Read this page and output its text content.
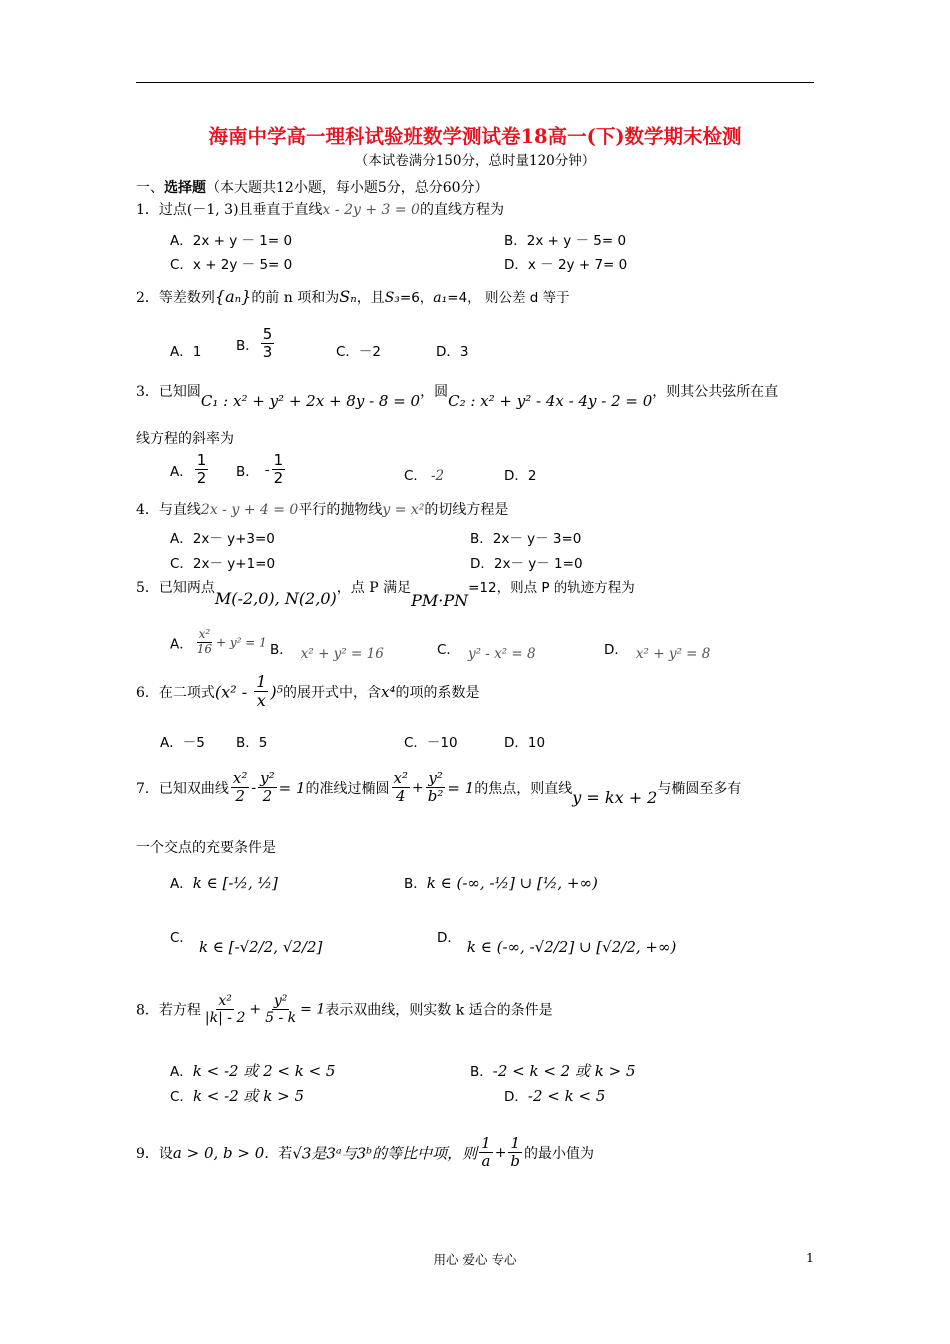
海南中学高一理科试验班数学测试卷18高一(下)数学期末检测
（本试卷满分150分，总时量120分钟）
一、选择题（本大题共12小题，每小题5分，总分60分）
1．过点(－1, 3)且垂直于直线x - 2y + 3 = 0的直线方程为
A．2x + y － 1= 0	B．2x + y － 5= 0
C．x + 2y － 5= 0	D．x － 2y + 7= 0
2．等差数列{aₙ}的前 n 项和为Sₙ，且S₃=6，a₁=4， 则公差 d 等于
A．1	B． $\frac{5}{3}$	C．－2	D．3
3．已知圆C₁ : x² + y² + 2x + 8y - 8 = 0，圆C₂ : x² + y² - 4x - 4y - 2 = 0，则其公共弦所在直
线方程的斜率为
A． $\frac{1}{2}$ B． - $\frac{1}{2}$	C． -2	D．2
4．与直线2x - y + 4 = 0平行的抛物线y = x²的切线方程是
A．2x－ y+3=0	B．2x－ y－ 3=0
C．2x－ y+1=0	D．2x－ y－ 1=0
5．已知两点M(-2,0), N(2,0)，点 P 满足PM·PN=12，则点 P 的轨迹方程为
A． $\frac{\text{x²}}{16} + y^2 = 1$ B． x² + y² = 16	C． y² - x² = 8	D． x² + y² = 8
6．在二项式$(x^2 - \frac{1}{x} )^5$的展开式中，含x⁴的项的系数是
A．－5 B．5	C．－10	D．10
7．已知双曲线 $\frac{\text{x²}}{2} - \frac{\text{y²}}{2} = 1$的准线过椭圆 $\frac{\text{x²}}{4} + \frac{\text{y²}}{\text{b²}} = 1$的焦点，则直线y = kx + 2与椭圆至多有
一个交点的充要条件是
A．k ∈ [-½, ½]	B．k ∈ (-∞, -½] ∪ [½, +∞)
C． k ∈ [-√2/2, √2/2]	D． k ∈ (-∞, -√2/2] ∪ [√2/2, +∞)
8．若方程 $\frac{\text{x²}}{|k| - 2} + \frac{\text{y²}}{5 - k} = 1$表示双曲线，则实数 k 适合的条件是
A．k < -2 或 2 < k < 5	B．-2 < k < 2 或 k > 5
C．k < -2 或 k > 5	D．-2 < k < 5
9．设a > 0, b > 0．若√3是3ᵃ与3ᵇ的等比中项，则 $\frac{1}{a} + \frac{1}{b}$ 的最小值为
用心 爱心 专心	1
